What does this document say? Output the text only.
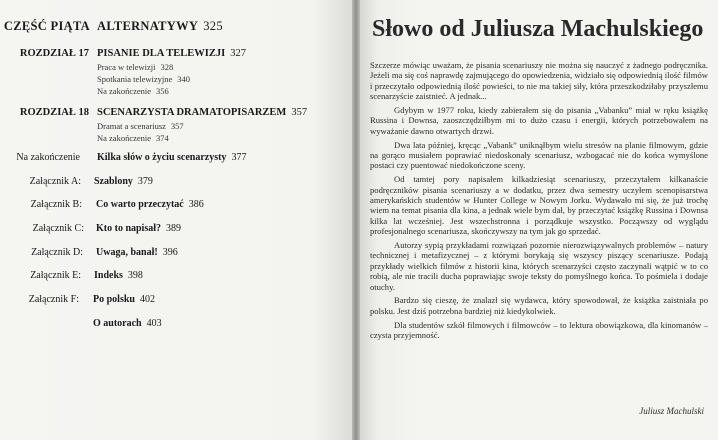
CZĘŚĆ PIĄTA ALTERNATYWY 325
ROZDZIAŁ 17 PISANIE DLA TELEWIZJI 327
Praca w telewizji 328
Spotkania telewizyjne 340
Na zakończenie 356
ROZDZIAŁ 18 SCENARZYSTA DRAMATOPISARZEM 357
Dramat a scenariusz 357
Na zakończenie 374
Na zakończenie Kilka słów o życiu scenarzysty 377
Załącznik A: Szablony 379
Załącznik B: Co warto przeczytać 386
Załącznik C: Kto to napisał? 389
Załącznik D: Uwaga, banał! 396
Załącznik E: Indeks 398
Załącznik F: Po polsku 402
O autorach 403
Słowo od Juliusza Machulskiego

Szczerze mówiąc uważam, że pisania scenariuszy nie można się nauczyć z żadnego podręcznika. Jeżeli ma się coś naprawdę zajmującego do opowiedzenia, widziało się odpowiednią ilość filmów i przeczytało odpowiednią ilość powieści, to nie ma takiej siły, która przeszkodziłaby przyszłemu scenarzyście zaistnieć. A jednak...

Gdybym w 1977 roku, kiedy zabierałem się do pisania „Vabanku” miał w ręku książkę Russina i Downsa, zaoszczędziłbym mi to dużo czasu i energii, których potrzebowałem na wyważanie dawno otwartych drzwi.

Dwa lata później, kręcąc „Vabank” uniknąłbym wielu stresów na planie filmowym, gdzie na gorąco musiałem poprawiać niedoskonały scenariusz, wzbogacać nie do końca wymyślone postaci czy puentować niedokończone sceny.

Od tamtej pory napisałem kilkadziesiąt scenariuszy, przeczytałem kilkanaście podręczników pisania scenariuszy a w dodatku, przez dwa semestry uczyłem scenopisarstwa amerykańskich studentów w Hunter College w Nowym Jorku. Wydawało mi się, że już trochę wiem na temat pisania dla kina, a jednak wiele bym dał, by przeczytać książkę Russina i Downsa kilka lat wcześniej. Jest wszechstronna i porządkuje wszystko. Począwszy od wyglądu profesjonalnego scenariusza, skończywszy na tym jak go sprzedać.

Autorzy sypią przykładami rozwiązań pozornie nierozwiązywalnych problemów – natury technicznej i metafizycznej – z którymi borykają się wszyscy piszący scenariusze. Podają przykłady wielkich filmów z historii kina, których scenarzyści często zaczynali wątpić w to co robią, ale nie tracili ducha poprawiając swoje teksty do pomyślnego końca. To pośmiela i dodaje otuchy.

Bardzo się cieszę, że znalazł się wydawca, który spowodował, że książka zaistniała po polsku. Jest dziś potrzebna bardziej niż kiedykolwiek.

Dla studentów szkół filmowych i filmowców – to lektura obowiązkowa, dla kinomanów – czysta przyjemność.

Juliusz Machulski
